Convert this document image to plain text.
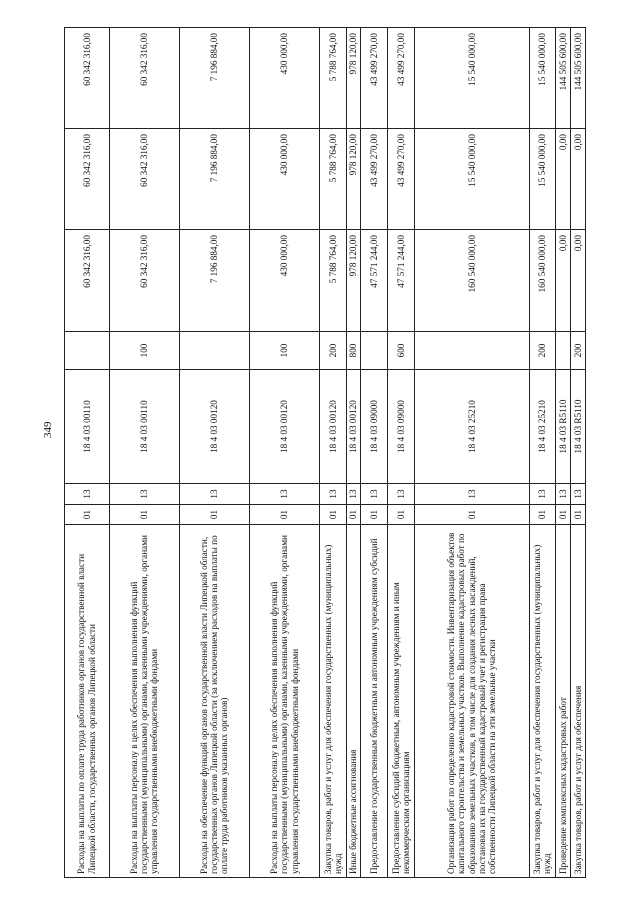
349
Расходы на выплаты по оплате труда работников органов государственной власти Липецкой области, государственных органов Липецкой области	01	13	18 4 03 00110		60 342 316,00	60 342 316,00	60 342 316,00
Расходы на выплаты персоналу в целях обеспечения выполнения функций государственными (муниципальными) органами, казенными учреждениями, органами управления государственными внебюджетными фондами	01	13	18 4 03 00110	100	60 342 316,00	60 342 316,00	60 342 316,00
Расходы на обеспечение функций органов государственной власти Липецкой области, государственных органов Липецкой области (за исключением расходов на выплаты по оплате труда работников указанных органов)	01	13	18 4 03 00120		7 196 884,00	7 196 884,00	7 196 884,00
Расходы на выплаты персоналу в целях обеспечения выполнения функций государственными (муниципальными) органами, казенными учреждениями, органами управления государственными внебюджетными фондами	01	13	18 4 03 00120	100	430 000,00	430 000,00	430 000,00
Закупка товаров, работ и услуг для обеспечения государственных (муниципальных) нужд	01	13	18 4 03 00120	200	5 788 764,00	5 788 764,00	5 788 764,00
Иные бюджетные ассигнования	01	13	18 4 03 00120	800	978 120,00	978 120,00	978 120,00
Предоставление государственным бюджетным и автономным учреждениям субсидий	01	13	18 4 03 09000		47 571 244,00	43 499 270,00	43 499 270,00
Предоставление субсидий бюджетным, автономным учреждениям и иным некоммерческим организациям	01	13	18 4 03 09000	600	47 571 244,00	43 499 270,00	43 499 270,00
Организация работ по определению кадастровой стоимости. Инвентаризация объектов капитального строительства и земельных участков. Выполнение кадастровых работ по образованию земельных участков, в том числе для создания лесных насаждений, постановка их на государственный кадастровый учет и регистрация права собственности Липецкой области на эти земельные участки	01	13	18 4 03 25210		160 540 000,00	15 540 000,00	15 540 000,00
Закупка товаров, работ и услуг для обеспечения государственных (муниципальных) нужд	01	13	18 4 03 25210	200	160 540 000,00	15 540 000,00	15 540 000,00
Проведение комплексных кадастровых работ	01	13	18 4 03 R5110		0,00	0,00	144 505 600,00
Закупка товаров, работ и услуг для обеспечения	01	13	18 4 03 R5110	200	0,00	0,00	144 505 600,00
